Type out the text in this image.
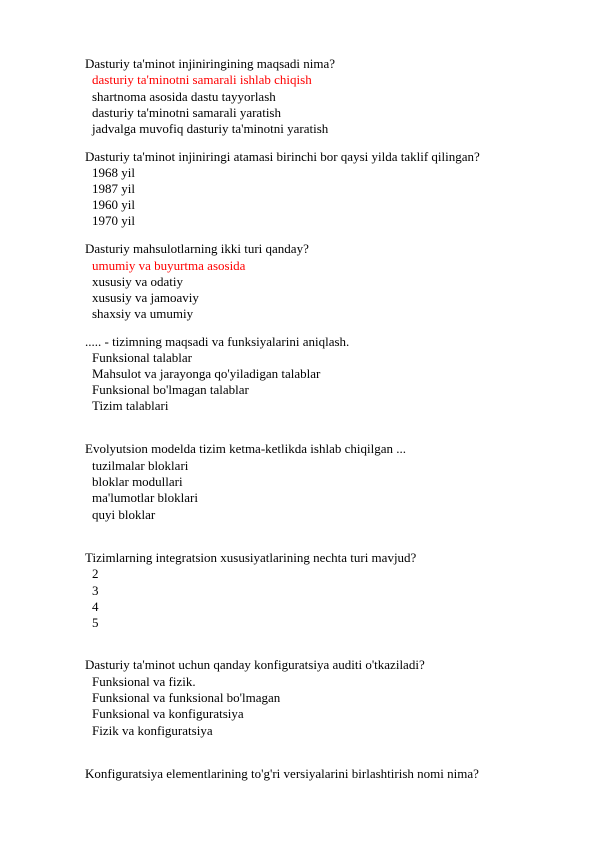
Dasturiy ta'minot injiniringining maqsadi nima?
dasturiy ta'minotni samarali ishlab chiqish
shartnoma asosida dastu tayyorlash
dasturiy ta'minotni samarali yaratish
jadvalga muvofiq dasturiy ta'minotni yaratish
Dasturiy ta'minot injiniringi atamasi birinchi bor qaysi yilda taklif qilingan?
1968 yil
1987 yil
1960 yil
1970 yil
Dasturiy mahsulotlarning ikki turi qanday?
umumiy va buyurtma asosida
xususiy va odatiy
xususiy va jamoaviy
shaxsiy va umumiy
..... - tizimning maqsadi va funksiyalarini aniqlash.
Funksional talablar
Mahsulot va jarayonga qo'yiladigan talablar
Funksional bo'lmagan talablar
Tizim talablari
Evolyutsion modelda tizim ketma-ketlikda ishlab chiqilgan ...
tuzilmalar bloklari
bloklar modullari
ma'lumotlar bloklari
quyi bloklar
Tizimlarning integratsion xususiyatlarining nechta turi mavjud?
2
3
4
5
Dasturiy ta'minot uchun qanday konfiguratsiya auditi o'tkaziladi?
Funksional va fizik.
Funksional va funksional bo'lmagan
Funksional va konfiguratsiya
Fizik va konfiguratsiya
Konfiguratsiya elementlarining to'g'ri versiyalarini birlashtirish nomi nima?
